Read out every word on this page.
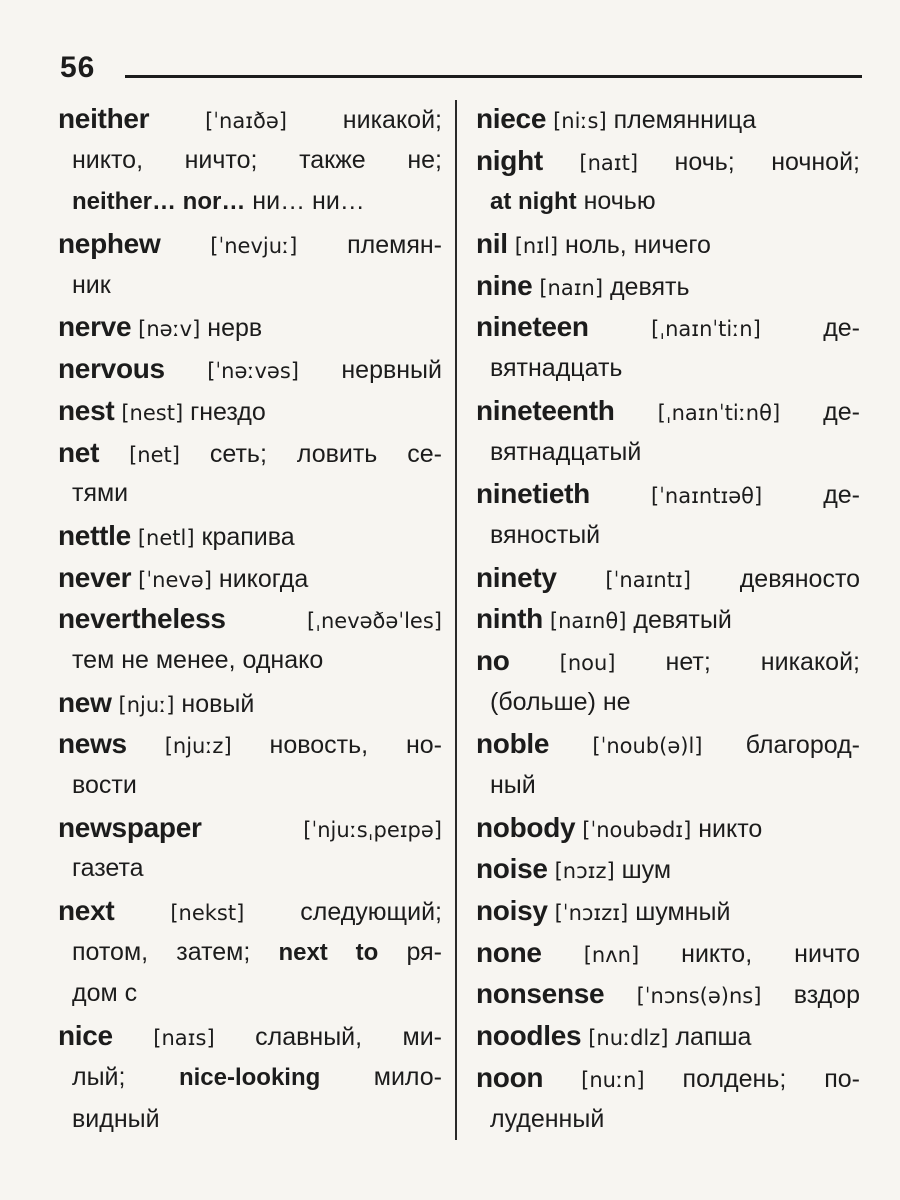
56
neither	[ ˈnaɪðə ]	никакой;
никто, ничто; также не;
neither… nor… ни… ни…
nephew	[ ˈnevjuː ] племян-
ник
nerve [ nəːv ] нерв
nervous [ ˈnəːvəs ] нервный
nest [ nest ] гнездо
net [ net ] сеть; ловить се-
тями
nettle [ netl ] крапива
never [ ˈnevə ] никогда
nevertheless	[ ˌnevəðəˈles ]
тем не менее, однако
new [ njuː ] новый
news [ njuːz ] новость, но-
вости
newspaper	[ ˈnjuːsˌpeɪpə ]
газета
next	[ nekst ]	следующий;
потом, затем; next to ря-
дом с
nice [ naɪs ] славный, ми-
лый; nice-looking мило-
видный
niece [ niːs ] племянница
night [ naɪt ] ночь; ночной;
at night ночью
nil [ nɪl ] ноль, ничего
nine [ naɪn ] девять
nineteen	[ ˌnaɪnˈtiːn ]	де-
вятнадцать
nineteenth [ ˌnaɪnˈtiːnθ ] де-
вятнадцатый
ninetieth	[ ˈnaɪntɪəθ ]	де-
вяностый
ninety	[ ˈnaɪntɪ ] девяносто
ninth [ naɪnθ ] девятый
no	[ nou ] нет; никакой;
(больше) не
noble [ ˈnoub(ə)l ] благород-
ный
nobody [ ˈnoubədɪ ] никто
noise [ nɔɪz ] шум
noisy [ ˈnɔɪzɪ ] шумный
none [ nʌn ] никто, ничто
nonsense [ ˈnɔns(ə)ns ] вздор
noodles [ nuːdlz ] лапша
noon [ nuːn ] полдень; по-
луденный
